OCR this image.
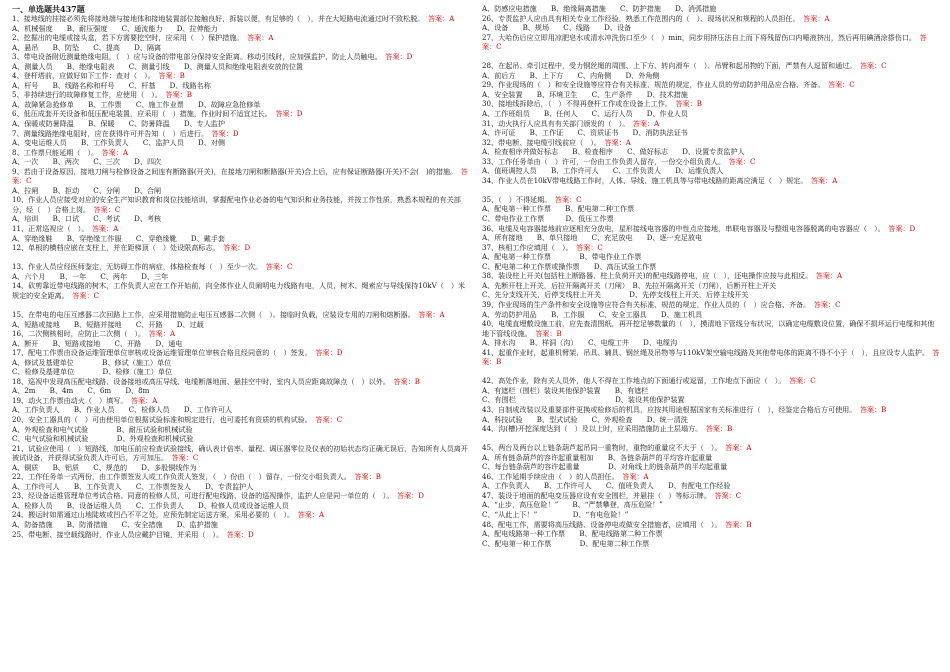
一、单选题共437题

1、接地线的挂接必须先将接地端与接地体和接地装置部位接触良好，拆装以便，有足够的（　），并在大短路电流通过时不致松脱。　 答案：A

A、机械强度　　B、耐压强度　　C、通流能力　　D、拉伸能力

2、挖掘出的电缆或接头盒，若下方需要挖空时，应采用（　）保护措施。　 答案：A

A、悬吊　　B、防坠　　C、提高　　D、隔离

3、带电设备附近测量绝缘电阻，（　）应与设备的带电部分保持安全距离。移动引线时，应加强监护，防止人员触电。　 答案：D

A、测量人员　　B、绝缘电阻表　　C、测量引线　　D、测量人员和绝缘电阻表安放的位置

4、登杆塔前，应做好如下工作：查对（　）。　 答案：B

A、杆号　　B、线路名称和杆号　　C、杆基　　D、线路名称

5、非持续进行的故障修复工作，应使用（　）。　 答案：B

A、故障紧急抢修单　　B、工作票　　C、施工作业票　　D、故障应急抢修单

6、低压成套开关设备和低压配电装置，应采用（　）措施，作业时间不适宜过长。　 答案：D

A、保暖或防暑降温　　B、保暖　　C、防暑降温　　D、专人监护

7、测量线路绝缘电阻时，应在获得许可并告知（　）后进行。　 答案：D

A、变电运维人员　　B、工作负责人　　C、监护人员　　D、对侧

8、工作票只能延期（　）。　 答案：A

A、一次　　B、两次　　C、三次　　D、四次

9、若由于设备原因，接地刀闸与检修设备之间连有断路器(开关)，在接地刀闸和断路器(开关)合上后，应有保证断路器(开关)不会(　)的措施。　 答案：C

A、拉闸　　B、拒动　　C、分闸　　D、合闸

10、作业人员应接受对应的安全生产知识教育和岗位技能培训，掌握配电作业必备的电气知识和业务技能，并按工作性质，熟悉本规程的有关部分，经（　）合格上岗。　 答案：C

A、培训　　B、口试　　C、考试　　D、考核

11、正常巡视应（　）。　 答案：A

A、穿绝缘鞋　　B、穿绝缘工作服　　C、穿绝缘靴　　D、戴手套

12、单根的横档应嵌在支柱上，并在距梯顶（　）处设限高标志。　 答案：D

13、作业人员应经医师鉴定，无妨碍工作的病症，体格检查每（　）至少一次。　 答案：C

A、六个月　　B、一年　　C、两年　　D、三年

14、砍剪靠近带电线路的树木，工作负责人应在工作开始前，向全体作业人员阐明电力线路有电，人员、树木、绳索应与导线保持10kV（　）米规定的安全距离。　 答案：C

15、在带电的电压互感器二次回路上工作，应采用措施防止电压互感器二次侧（　）。接临时负载，应装设专用的刀闸和熔断器。　 答案：A

A、短路或接地　　B、短路并接地　　C、开路　　D、过载

16、二次侧核相时，应防止二次侧（　）。　 答案：A

A、断开　　B、短路或接地　　C、开路　　D、通电

17、配电工作票由设备运维管理单位审核或设备运维管理单位审核合格且经同意的（　）签发。　 答案：D

A、修试及基建单位　　　　B、修试（施工）单位

C、检修及基建单位　　　　D、检修（施工）单位

18、巡视中发现高压配电线路、设备接地或高压导线、电缆断落地面、悬挂空中时，室内人员应距离故障点（　）以外。　 答案：B

A、2m　　B、4m　　C、6m　　D、8m

19、动火工作票由动火（　）填写。　 答案：A

A、工作负责人　　B、作业人员　　C、检修人员　　D、工作许可人

20、安全工器具的（　）可由使用单位根据试验标准和规定进行，也可委托有资质的机构试验。　 答案：C

A、外观检查和电气试验　　　　B、耐压试验和机械试验

C、电气试验和机械试验　　　　D、外观检查和机械试验

21、试验应使用（　）短路线，加电压前应检查试验接线，确认表计倍率、量程、调压器零位及仪表的初始状态均正确无误后，告知所有人员离开被试设备，并获得试验负责人许可后，方可加压。　 答案：C

A、铜质　　B、铝质　　C、规范的　　D、多股铜线作为

22、工作任务单一式两份，由工作票签发人或工作负责人签发，（　）份由（　）留存，一份交小组负责人。　 答案：B

A、工作许可人　　B、工作负责人　　C、工作票签发人　　D、专责监护人

23、经设备运维管理单位考试合格、同意的检修人员，可进行配电线路、设备的巡视操作，监护人应是同一单位的（　）。　 答案：D

A、检修人员　　B、设备运维人员　　C、工作负责人　　D、检修人员或设备运维人员

24、搬运时如需通过山地陡坡或凹凸不平之处，应预先制定运送方案，采用必要的（　）。　 答案：A

A、防备措施　　B、防滑措施　　C、安全措施　　D、监护措施

25、带电断、接空载线路时，作业人员应戴护目镜，并采用（　）。　 答案：D

A、防感应电措施　　B、绝缘隔离措施　　C、防护措施　　D、消弧措施

26、专责监护人应由具有相关专业工作经验，熟悉工作范围内的（　）、现场状况和规程的人员担任。　 答案：A

A、设备　　B、规场　　C、线路　　D、设备

27、大哈伤后应立即用凉肥皂水或清水冲洗伤口至少（　）min，同步用挤压法自上而下将残留伤口内唾液挤出，然后再用碘酒涂搽伤口。　 答案：C

28、在起吊、牵引过程中，受力钢丝绳的周围、上下方、转向滑车（　）、吊臂和起吊物的下面，严禁有人逗留和通过。　 答案：C

A、前后方　　B、上下方　　C、内角侧　　D、外角侧

29、作业现场的（　）和安全设施等应符合有关标准、规范的规定，作业人员的劳动防护用品应合格、齐备。　 答案：C

A、安全装置　　B、环境卫生　　C、生产条件　　D、技术措施

30、接地线拆除后，（　）不得再登杆工作或在设备上工作。　 答案：B

A、工作班组员　　B、任何人　　C、运行人员　　D、作业人员

31、动火执行人应具有有关部门颁发的（　）。　 答案：A

A、许可证　　B、工作证　　C、资质证书　　D、消防执法证书

32、带电断、接电缆引线前应（　）。　 答案：A

A、检查相序并做好标志　　B、检查相序　　C、做好标志　　D、设置专责监护人

33、工作任务单由（　）许可，一份由工作负责人留存，一份交小组负责人。　 答案：C

A、值班调控人员　　B、工作许可人　　C、工作负责人　　D、运维负责人

34、作业人员在10kV带电线路工作时，人体、导线、施工机具等与带电线路的距离应满足（　）规定。　 答案：A

35、（　）不得延期。　 答案：C

A、配电第一种工作票　　B、配电第二种工作票

C、带电作业工作票　　　D、低压工作票

36、电缆及电容器接地前应逐相充分放电，星形接线电容器的中性点应接地，串联电容器及与整组电容器脱离的电容器应（　）。　 答案：D

A、所有接地　　B、单只接地　　C、充足放电　　D、逐一充足放电

37、核相工作应填用（　）。　 答案：C

A、配电第一种工作票　　　　B、带电作业工作票

C、配电第二种工作票或操作票　　D、高压试验工作票

38、装设柱上开关(包括柱上断路器、柱上负荷开关)的配电线路停电，应（　），还电操作应按与此相反。　 答案：A

A、先断开柱上开关，后拉开隔离开关（刀闸）　B、先拉开隔离开关（刀闸），后断开柱上开关

C、先分支线开关，后停支线柱上开关　　　　D、先停支线柱上开关，后停主线开关

39、作业现场的生产条件和安全设施等应符合有关标准、规范的规定，作业人员的（　）应合格、齐备。　 答案：C

A、劳动防护用品　　B、工作服　　C、安全工器具　　D、施工机具

40、电缆直埋敷设施工前，应先查清图纸，再开挖足够数量的（　），摸清地下管线分布状况，以确定电缆敷设位置，确保不损坏运行电缆和其他地下管线设施。　 答案：B

A、排水沟　　B、样洞（沟）　　C、电缆工井　　D、电缆沟

41、起重作业时，起重机臂架、吊具、辅具、钢丝绳及吊物等与110kV架空输电线路及其他带电体的距离不得不小于（　），且应设专人监护。　 答案：B

42、高处作业，除有关人员外，他人不得在工作地点的下面通行或逗留，工作地点下面应（　）。　 答案：C

A、有遮栏（围栏）装设其他保护装置　　B、有遮栏

C、有围栏　　　　　　　　　　　　　　D、装设其他保护装置

43、自制或改装以及重要部件更换或检修后的机具，应按其用途根据国家有关标准进行（　），经鉴定合格后方可使用。　 答案：B

A、科技试验　　B、型式试验　　C、外观检查　　D、统一清洗

44、沟(槽)开挖深度达到（　）及以上时，应采用措施防止土层塌方。　 答案：B

45、两台及两台以上链条葫芦起吊同一重物时，重物的重量应不大于（　）。　 答案：A

A、所有链条葫芦的容许起重量相加　　B、各链条葫芦的平均容许起重量

C、每台链条葫芦的容许起重量　　　　D、对角线上的链条葫芦的平均起重量

46、工作延期手续应由（　）的人员担任。　 答案：A

A、工作负责人　　B、工作许可人　　C、值班负责人　　D、有配电工作经验

47、装设于地面的配电变压器应设有安全围栏，并悬挂（　）等标示牌。　 答案：C

A、“止步，高压危险！”　　B、“严禁攀登，高压危险！”

C、“从此上下！”　　　　　D、“有电危险！”

48、配电工作，需要将高压线路、设备停电或做安全措施者，应填用（　）。　 答案：B

A、配电线路第一种工作票　　B、配电线路第二种工作票

C、配电第一种工作票　　　　D、配电第二种工作票
